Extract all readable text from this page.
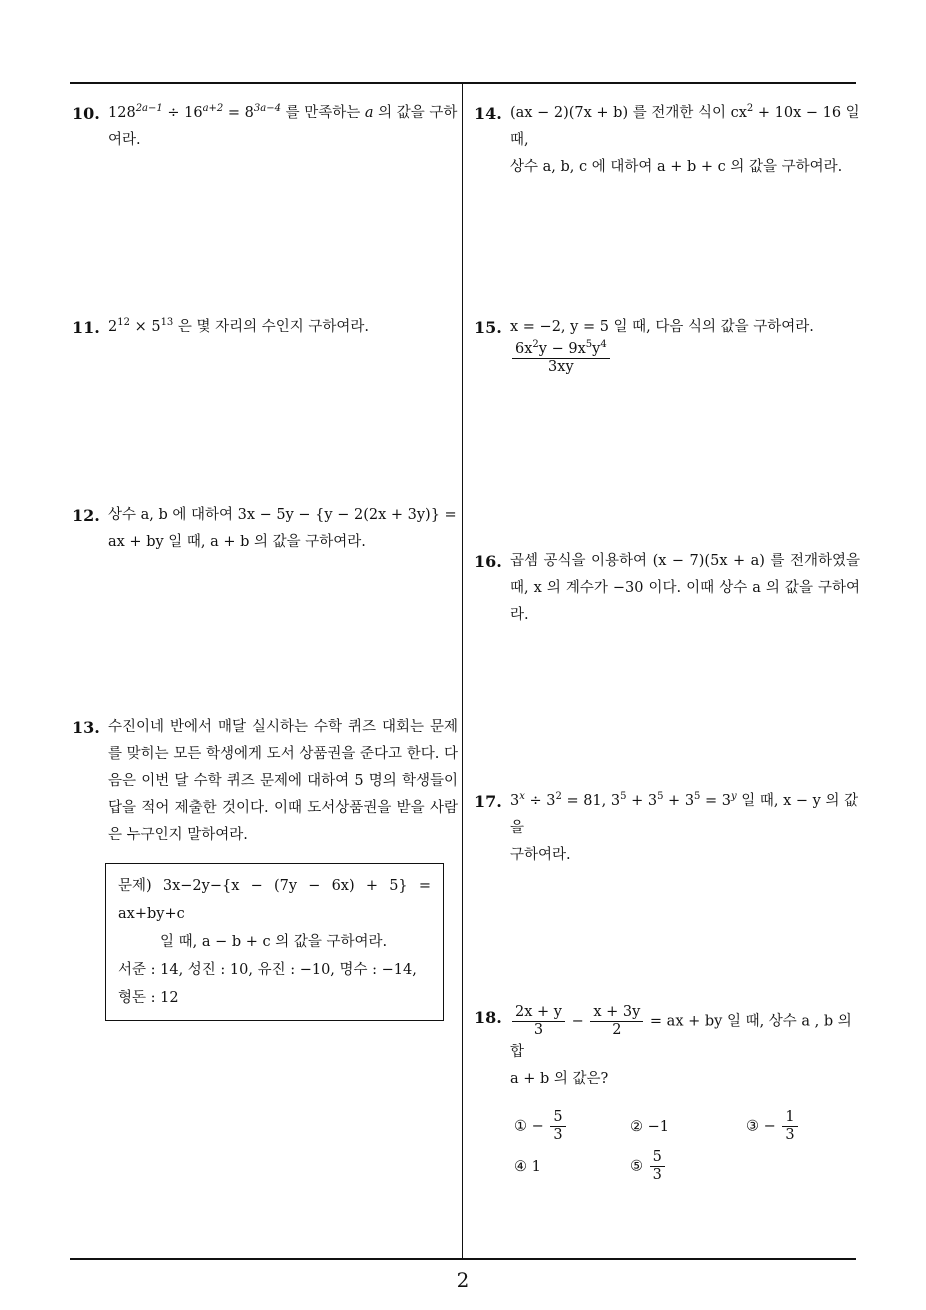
10. $128^{2a-1} \div 16^{a+2} = 8^{3a-4}$ 를 만족하는 a 의 값을 구하여라.
11. $2^{12} \times 5^{13}$ 은 몇 자리의 수인지 구하여라.
12. 상수 a, b 에 대하여 3x − 5y − {y − 2(2x + 3y)} =
ax + by 일 때, a + b 의 값을 구하여라.
13. 수진이네 반에서 매달 실시하는 수학 퀴즈 대회는 문제를 맞히는 모든 학생에게 도서 상품권을 준다고 한다. 다음은 이번 달 수학 퀴즈 문제에 대하여 5 명의 학생들이 답을 적어 제출한 것이다. 이때 도서상품권을 받을 사람은 누구인지 말하여라.
문제) 3x−2y−{x − (7y − 6x) + 5} = ax+by+c
일 때, a − b + c 의 값을 구하여라.
서준 : 14, 성진 : 10, 유진 : −10, 명수 : −14,
형돈 : 12
14. (ax − 2)(7x + b) 를 전개한 식이 $cx^2 + 10x - 16$ 일 때,
상수 a, b, c 에 대하여 a + b + c 의 값을 구하여라.
15. x = −2, y = 5 일 때, 다음 식의 값을 구하여라.
$\frac{6x^2y - 9x^5y^4}{3xy}$
16. 곱셈 공식을 이용하여 (x − 7)(5x + a) 를 전개하였을 때, x 의 계수가 −30 이다. 이때 상수 a 의 값을 구하여라.
17. $3^x \div 3^2 = 81$, $3^5 + 3^5 + 3^5 = 3^y$ 일 때, x − y 의 값을
구하여라.
18. $\frac{2x + y}{3} - \frac{x + 3y}{2}$ = ax + by 일 때, 상수 a , b 의 합
a + b 의 값은?
① − $\frac{5}{3}$	② −1	③ − $\frac{1}{3}$
④ 1	⑤ $\frac{5}{3}$
2
